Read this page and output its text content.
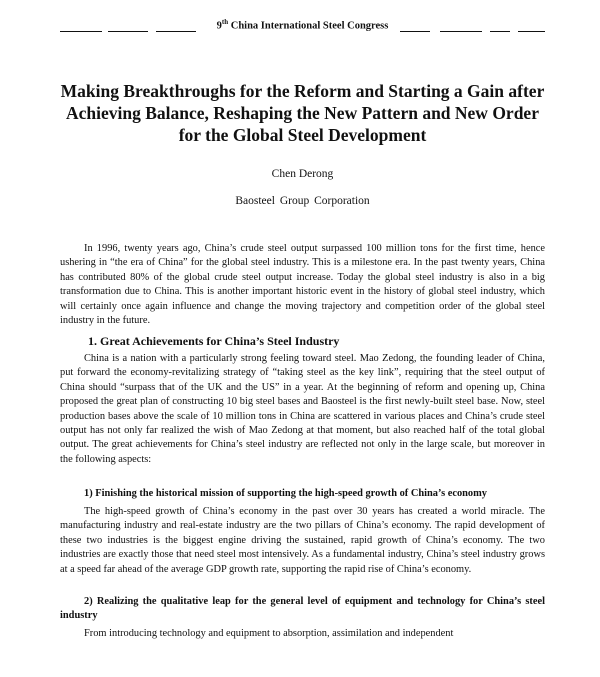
9th China International Steel Congress
Making Breakthroughs for the Reform and Starting a Gain after Achieving Balance, Reshaping the New Pattern and New Order for the Global Steel Development
Chen Derong
Baosteel Group Corporation

In 1996, twenty years ago, China’s crude steel output surpassed 100 million tons for the first time, hence ushering in “the era of China” for the global steel industry. This is a milestone era. In the past twenty years, China has contributed 80% of the global crude steel output increase. Today the global steel industry is also in a big transformation due to China. This is another important historic event in the history of global steel industry, which will certainly once again influence and change the moving trajectory and competition order of the global steel industry in the future.

1. Great Achievements for China’s Steel Industry

China is a nation with a particularly strong feeling toward steel. Mao Zedong, the founding leader of China, put forward the economy-revitalizing strategy of “taking steel as the key link”, requiring that the steel output of China should “surpass that of the UK and the US” in a year. At the beginning of reform and opening up, China proposed the great plan of constructing 10 big steel bases and Baosteel is the first newly-built steel base. Now, steel production bases above the scale of 10 million tons in China are scattered in various places and China’s crude steel output has not only far realized the wish of Mao Zedong at that moment, but also reached half of the total global output. The great achievements for China’s steel industry are reflected not only in the large scale, but moreover in the following aspects:

1) Finishing the historical mission of supporting the high-speed growth of China’s economy

The high-speed growth of China’s economy in the past over 30 years has created a world miracle. The manufacturing industry and real-estate industry are the two pillars of China’s economy. The rapid development of these two industries is the biggest engine driving the sustained, rapid growth of China’s economy. The two industries are exactly those that need steel most intensively. As a fundamental industry, China’s steel industry grows at a speed far ahead of the average GDP growth rate, supporting the rapid rise of China’s economy.

2) Realizing the qualitative leap for the general level of equipment and technology for China’s steel industry

From introducing technology and equipment to absorption, assimilation and independent
